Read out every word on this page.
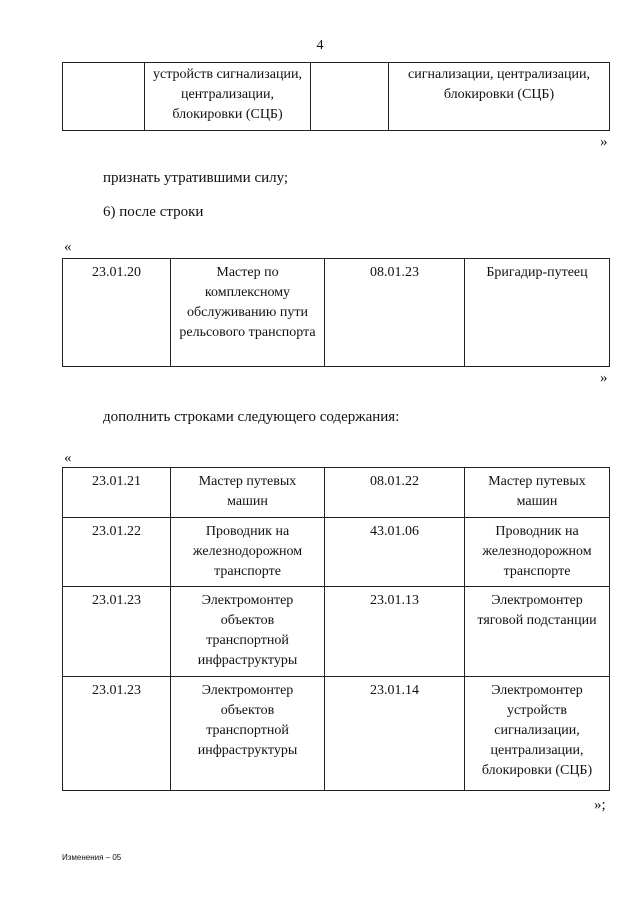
4
	устройств сигнализации, централизации, блокировки (СЦБ)		сигнализации, централизации, блокировки (СЦБ)
»
признать утратившими силу;
6) после строки
«
23.01.20	Мастер по комплексному обслуживанию пути рельсового транспорта	08.01.23	Бригадир-путеец
»
дополнить строками следующего содержания:
«
23.01.21	Мастер путевых машин	08.01.22	Мастер путевых машин
23.01.22	Проводник на железнодорожном транспорте	43.01.06	Проводник на железнодорожном транспорте
23.01.23	Электромонтер объектов транспортной инфраструктуры	23.01.13	Электромонтер тяговой подстанции
23.01.23	Электромонтер объектов транспортной инфраструктуры	23.01.14	Электромонтер устройств сигнализации, централизации, блокировки (СЦБ)
»;
Изменения – 05
